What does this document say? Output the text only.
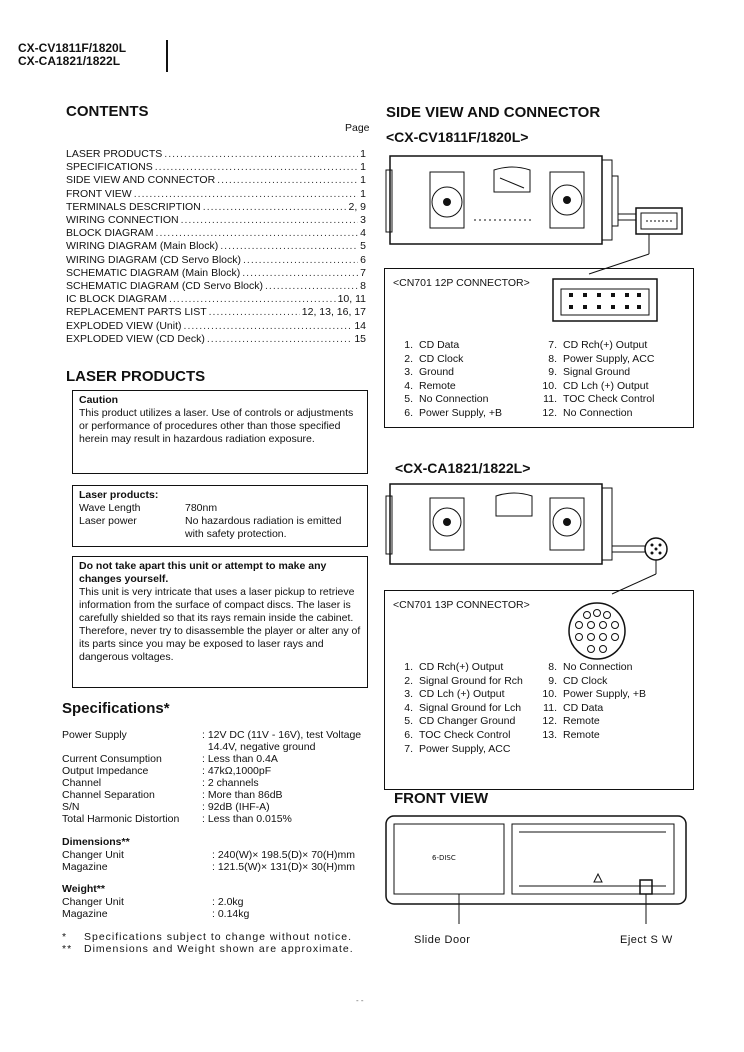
CX-CV1811F/1820L
CX-CA1821/1822L
CONTENTS
Page
LASER PRODUCTS .....	1
SPECIFICATIONS .....	1
SIDE VIEW AND CONNECTOR .....	1
FRONT VIEW .....	1
TERMINALS DESCRIPTION .....	2, 9
WIRING CONNECTION .....	3
BLOCK DIAGRAM .....	4
WIRING DIAGRAM (Main Block) .....	5
WIRING DIAGRAM (CD Servo Block) .....	6
SCHEMATIC DIAGRAM (Main Block) .....	7
SCHEMATIC DIAGRAM (CD Servo Block) .....	8
IC BLOCK DIAGRAM .....	10, 11
REPLACEMENT PARTS LIST .....	12, 13, 16, 17
EXPLODED VIEW (Unit) .....	14
EXPLODED VIEW (CD Deck) .....	15
LASER PRODUCTS
Caution
This product utilizes a laser. Use of controls or adjustments or performance of procedures other than those specified herein may result in hazardous radiation exposure.
Laser products:
Wave Length	780nm
Laser power	No hazardous radiation is emitted with safety protection.
Do not take apart this unit or attempt to make any changes yourself.
This unit is very intricate that uses a laser pickup to retrieve information from the surface of compact discs. The laser is carefully shielded so that its rays remain inside the cabinet. Therefore, never try to disassemble the player or alter any of its parts since you may be exposed to laser rays and dangerous voltages.
Specifications*
Power Supply	: 12V DC (11V - 16V), test Voltage
14.4V, negative ground
Current Consumption	: Less than 0.4A
Output Impedance	: 47kΩ,1000pF
Channel	: 2 channels
Channel Separation	: More than 86dB
S/N	: 92dB (IHF-A)
Total Harmonic Distortion	: Less than 0.015%
Dimensions**
Changer Unit	: 240(W)× 198.5(D)× 70(H)mm
Magazine	: 121.5(W)× 131(D)× 30(H)mm
Weight**
Changer Unit	: 2.0kg
Magazine	: 0.14kg
*	Specifications subject to change without notice.
**	Dimensions and Weight shown are approximate.
SIDE VIEW AND CONNECTOR
<CX-CV1811F/1820L>
<CN701 12P CONNECTOR>
1. CD Data
2. CD Clock
3. Ground
4. Remote
5. No Connection
6. Power Supply, +B
7. CD Rch(+) Output
8. Power Supply, ACC
9. Signal Ground
10. CD Lch (+) Output
11. TOC Check Control
12. No Connection
<CX-CA1821/1822L>
<CN701 13P CONNECTOR>
1. CD Rch(+) Output
2. Signal Ground for Rch
3. CD Lch (+) Output
4. Signal Ground for Lch
5. CD Changer Ground
6. TOC Check Control
7. Power Supply, ACC
8. No Connection
9. CD Clock
10. Power Supply, +B
11. CD Data
12. Remote
13. Remote
FRONT VIEW
6-DISC
Slide Door	Eject S W
- -
